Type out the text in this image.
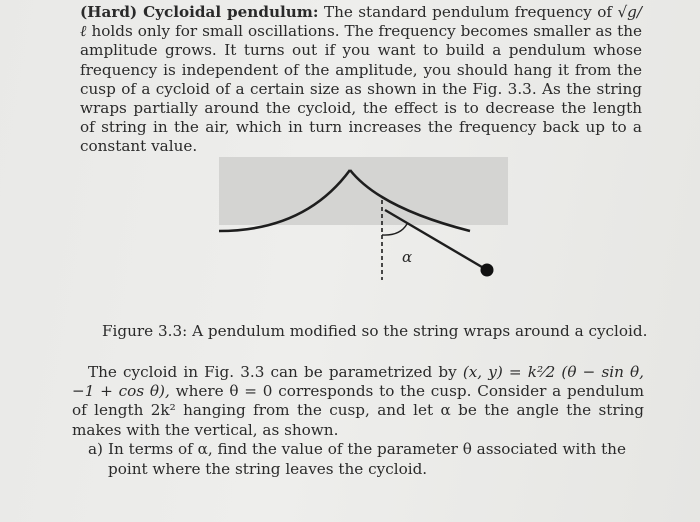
(Hard) Cycloidal pendulum: The standard pendulum frequency of √g/ℓ holds only for small oscillations. The frequency becomes smaller as the amplitude grows. It turns out if you want to build a pendulum whose frequency is independent of the amplitude, you should hang it from the cusp of a cycloid of a certain size as shown in the Fig. 3.3. As the string wraps partially around the cycloid, the effect is to decrease the length of string in the air, which in turn increases the frequency back up to a constant value.

α

Figure 3.3: A pendulum modified so the string wraps around a cycloid.

The cycloid in Fig. 3.3 can be parametrized by (x, y) = k²⁄2 (θ − sin θ, −1 + cos θ), where θ = 0 corresponds to the cusp. Consider a pendulum of length 2k² hanging from the cusp, and let α be the angle the string makes with the vertical, as shown.

a) In terms of α, find the value of the parameter θ associated with the point where the string leaves the cycloid.
